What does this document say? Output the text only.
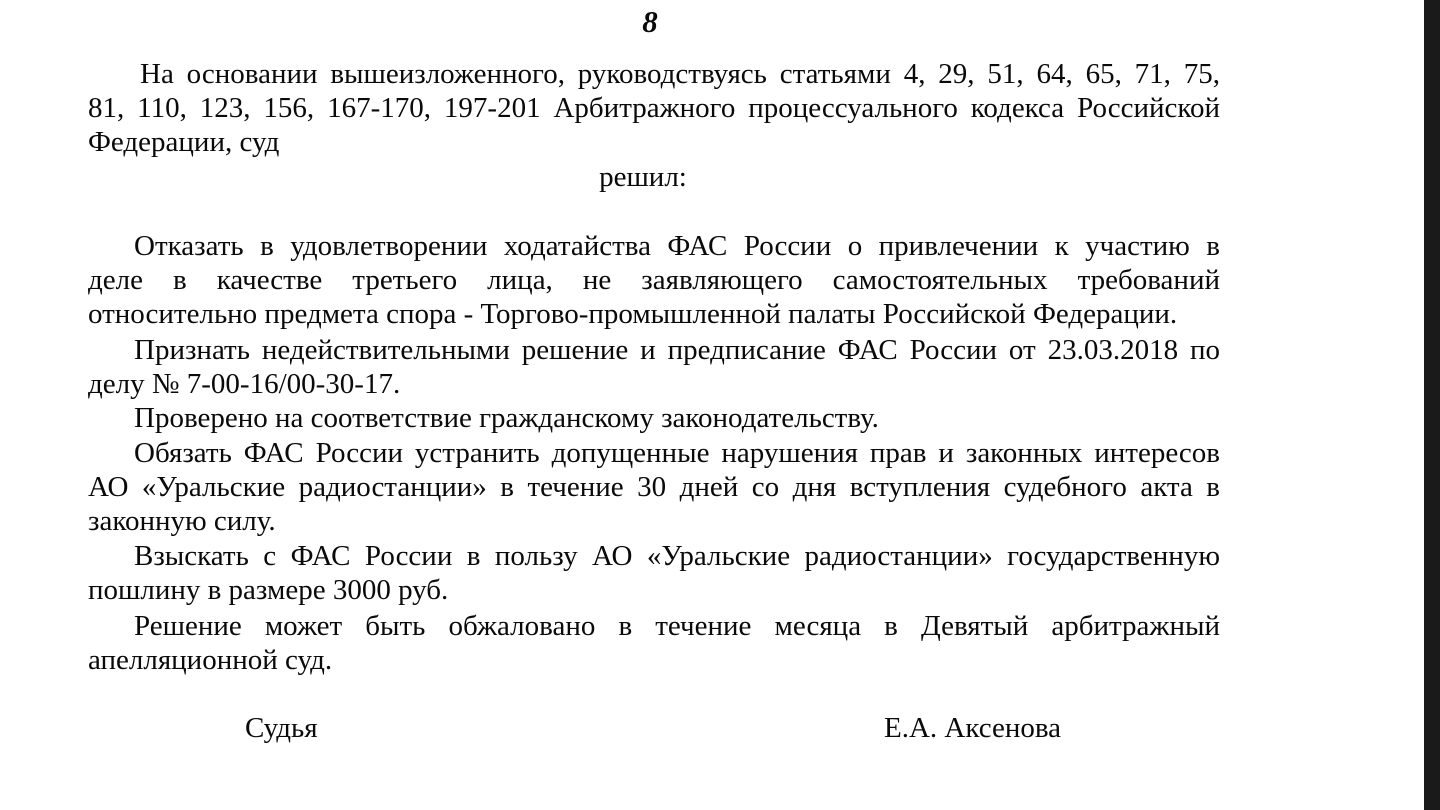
8
На основании вышеизложенного, руководствуясь статьями 4, 29, 51, 64, 65, 71, 75,
81, 110, 123, 156, 167-170, 197-201 Арбитражного процессуального кодекса Российской
Федерации, суд
решил:
Отказать в удовлетворении ходатайства ФАС России о привлечении к участию в
деле в качестве третьего лица, не заявляющего самостоятельных требований
относительно предмета спора - Торгово-промышленной палаты Российской Федерации.
Признать недействительными решение и предписание ФАС России от 23.03.2018 по
делу № 7-00-16/00-30-17.
Проверено на соответствие гражданскому законодательству.
Обязать ФАС России устранить допущенные нарушения прав и законных интересов
АО «Уральские радиостанции» в течение 30 дней со дня вступления судебного акта в
законную силу.
Взыскать с ФАС России в пользу АО «Уральские радиостанции» государственную
пошлину в размере 3000 руб.
Решение может быть обжаловано в течение месяца в Девятый арбитражный
апелляционной суд.
Судья	Е.А. Аксенова
